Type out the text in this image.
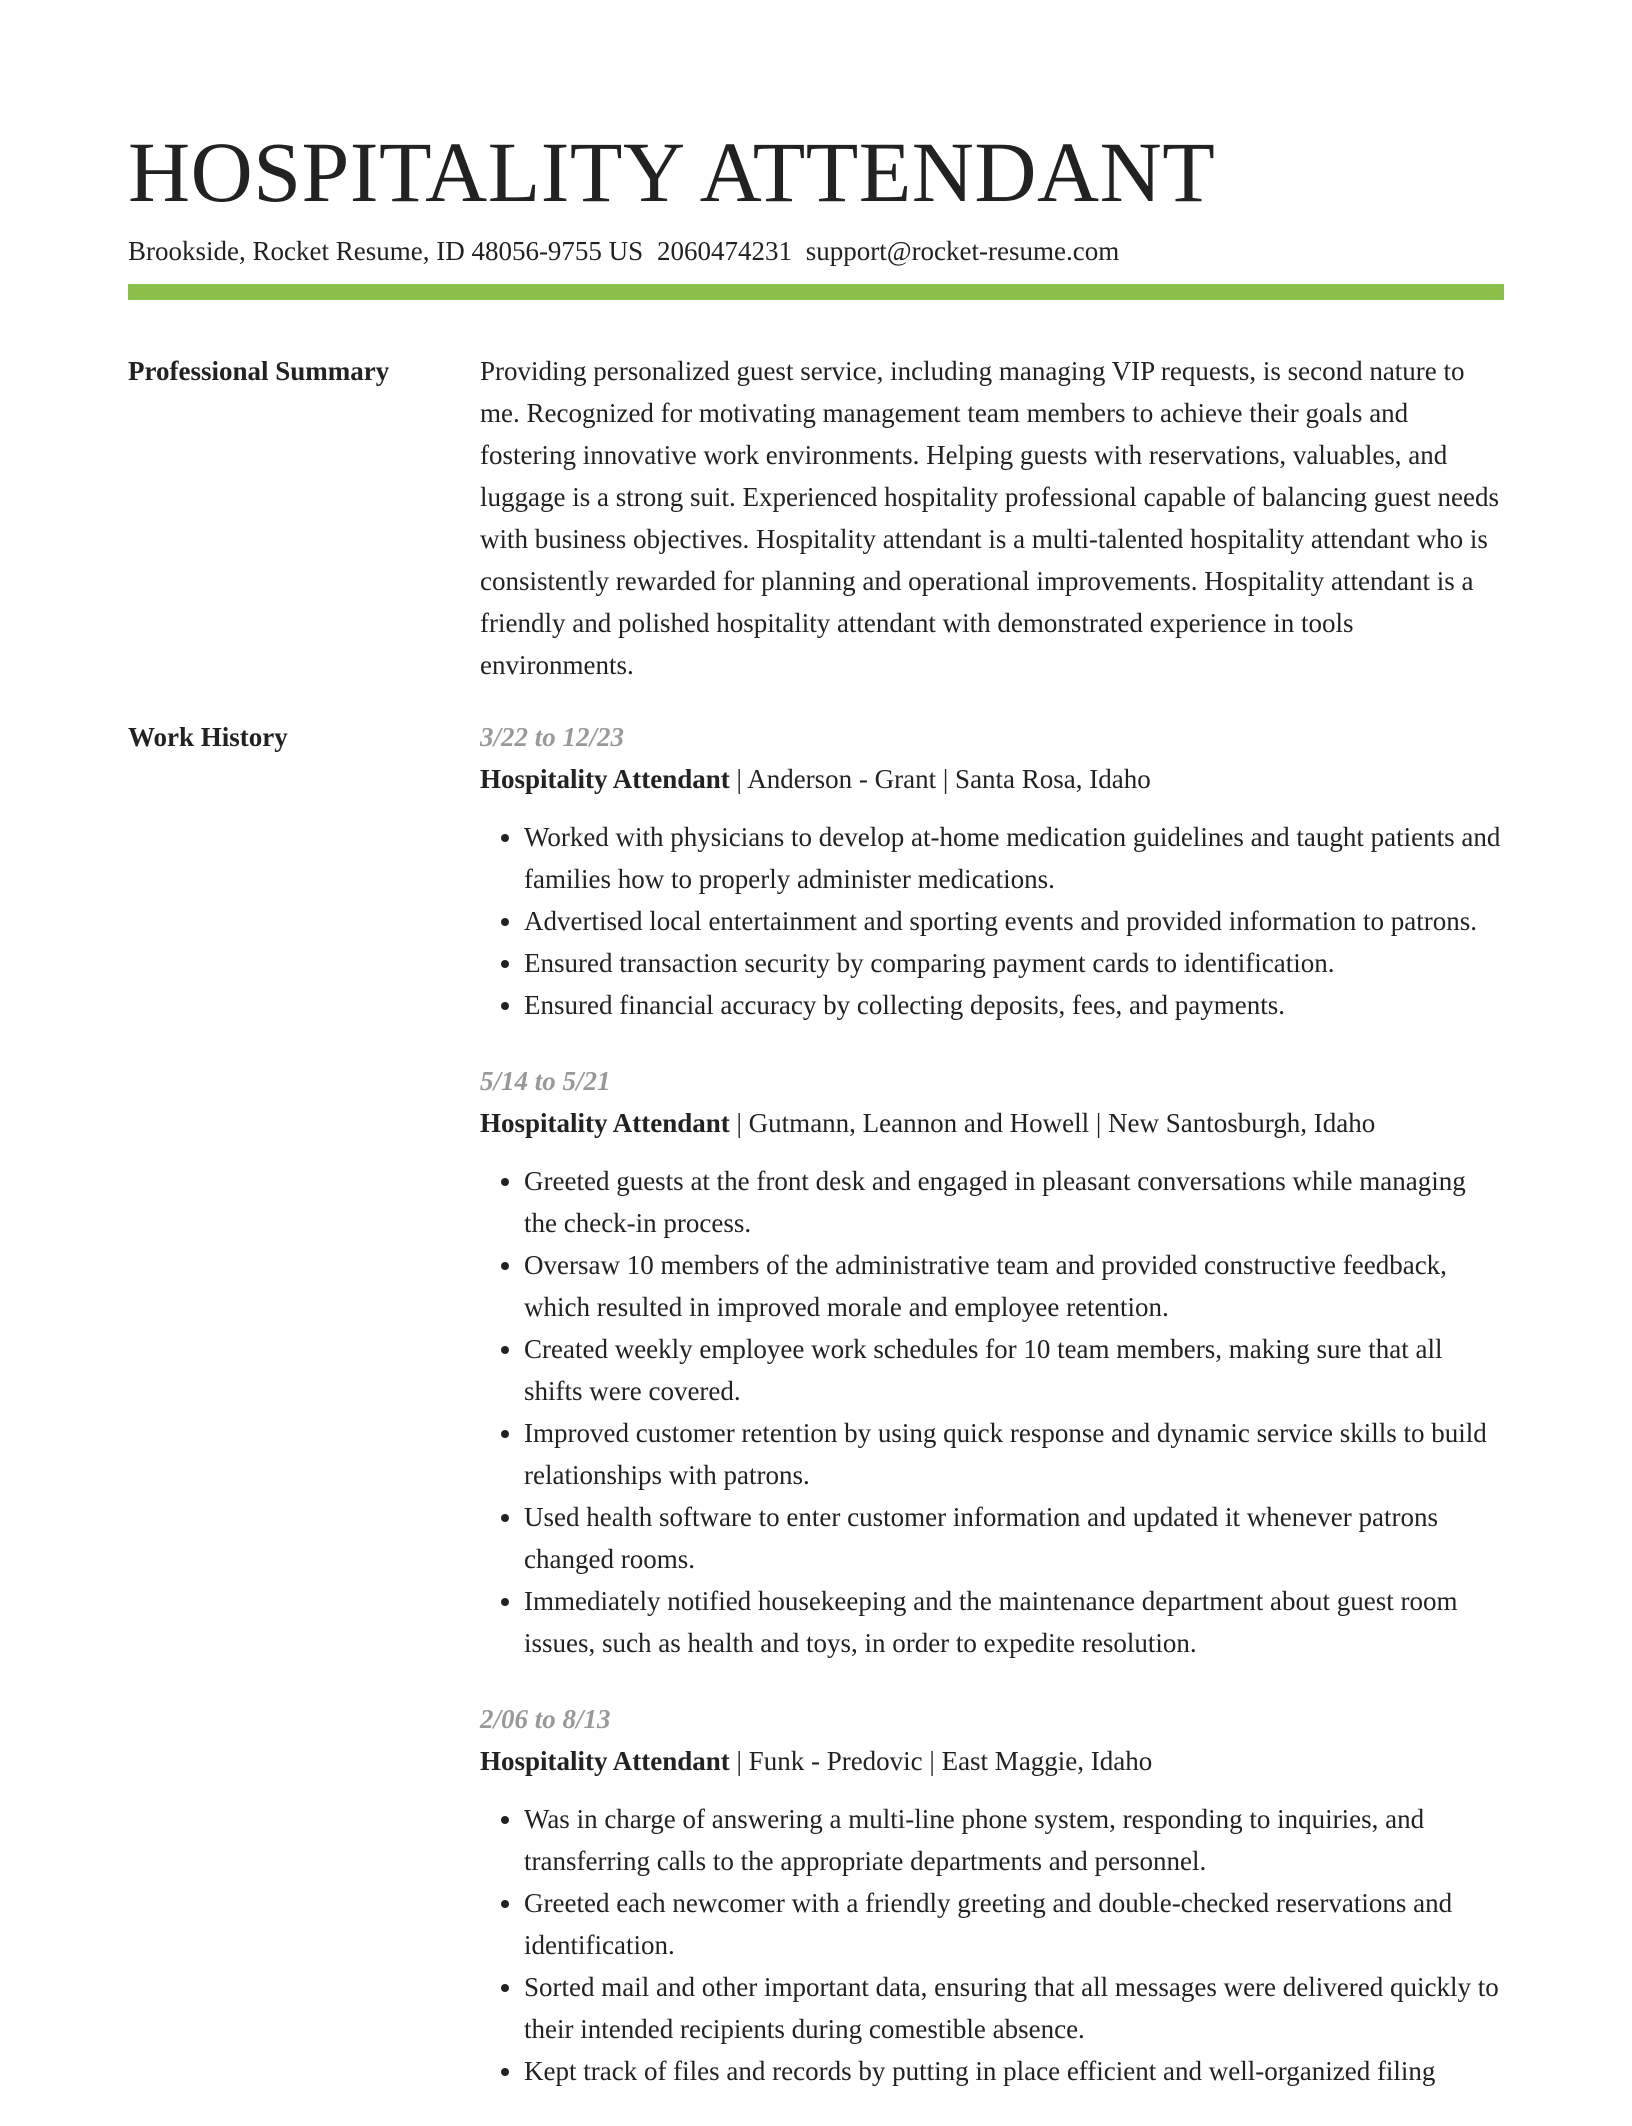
HOSPITALITY ATTENDANT
Brookside, Rocket Resume, ID 48056-9755 US 2060474231 support@rocket-resume.com
Professional Summary	Providing personalized guest service, including managing VIP requests, is second nature to me. Recognized for motivating management team members to achieve their goals and fostering innovative work environments. Helping guests with reservations, valuables, and luggage is a strong suit. Experienced hospitality professional capable of balancing guest needs with business objectives. Hospitality attendant is a multi-talented hospitality attendant who is consistently rewarded for planning and operational improvements. Hospitality attendant is a friendly and polished hospitality attendant with demonstrated experience in tools environments.

Work History	3/22 to 12/23
Hospitality Attendant | Anderson - Grant | Santa Rosa, Idaho
• Worked with physicians to develop at-home medication guidelines and taught patients and families how to properly administer medications.
• Advertised local entertainment and sporting events and provided information to patrons.
• Ensured transaction security by comparing payment cards to identification.
• Ensured financial accuracy by collecting deposits, fees, and payments.
5/14 to 5/21
Hospitality Attendant | Gutmann, Leannon and Howell | New Santosburgh, Idaho
• Greeted guests at the front desk and engaged in pleasant conversations while managing the check-in process.
• Oversaw 10 members of the administrative team and provided constructive feedback, which resulted in improved morale and employee retention.
• Created weekly employee work schedules for 10 team members, making sure that all shifts were covered.
• Improved customer retention by using quick response and dynamic service skills to build relationships with patrons.
• Used health software to enter customer information and updated it whenever patrons changed rooms.
• Immediately notified housekeeping and the maintenance department about guest room issues, such as health and toys, in order to expedite resolution.
2/06 to 8/13
Hospitality Attendant | Funk - Predovic | East Maggie, Idaho
• Was in charge of answering a multi-line phone system, responding to inquiries, and transferring calls to the appropriate departments and personnel.
• Greeted each newcomer with a friendly greeting and double-checked reservations and identification.
• Sorted mail and other important data, ensuring that all messages were delivered quickly to their intended recipients during comestible absence.
• Kept track of files and records by putting in place efficient and well-organized filing
